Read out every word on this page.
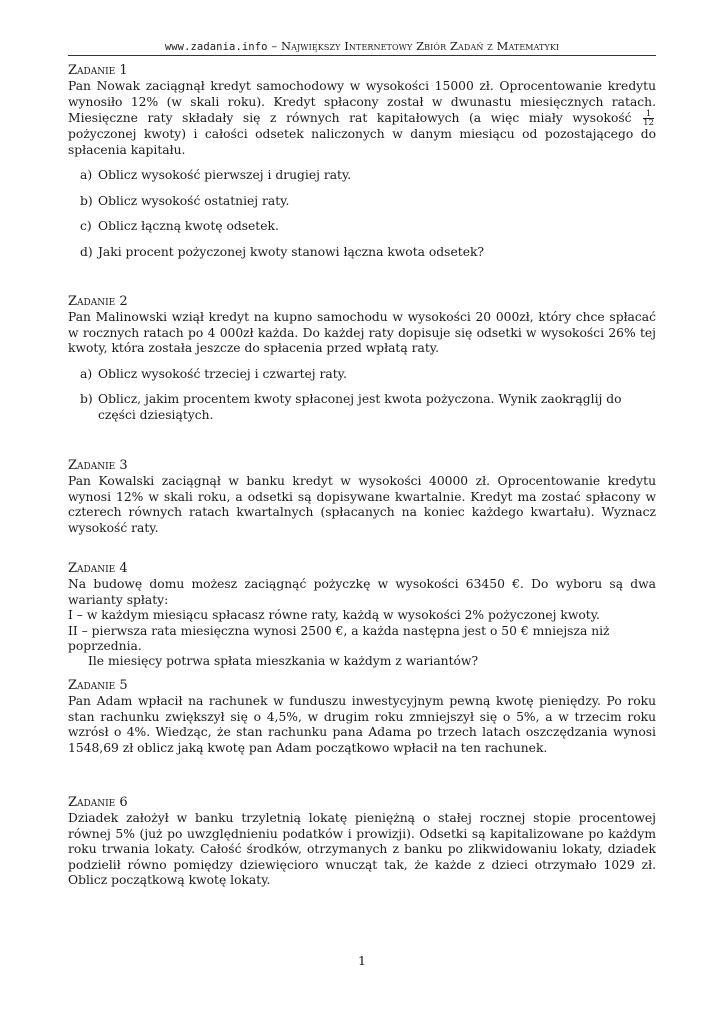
www.zadania.info – Największy Internetowy Zbiór Zadań z Matematyki
Zadanie 1
Pan Nowak zaciągnął kredyt samochodowy w wysokości 15000 zł. Oprocentowanie kredytu wynosiło 12% (w skali roku). Kredyt spłacony został w dwunastu miesięcznych ratach. Miesięczne raty składały się z równych rat kapitałowych (a więc miały wysokość $\frac{1}{12}$
pożyczonej kwoty) i całości odsetek naliczonych w danym miesiącu od pozostającego do spłacenia kapitału.
a) Oblicz wysokość pierwszej i drugiej raty.
b) Oblicz wysokość ostatniej raty.
c) Oblicz łączną kwotę odsetek.
d) Jaki procent pożyczonej kwoty stanowi łączna kwota odsetek?
Zadanie 2
Pan Malinowski wziął kredyt na kupno samochodu w wysokości 20 000zł, który chce spłacać w rocznych ratach po 4 000zł każda. Do każdej raty dopisuje się odsetki w wysokości 26% tej kwoty, która została jeszcze do spłacenia przed wpłatą raty.
a) Oblicz wysokość trzeciej i czwartej raty.
b) Oblicz, jakim procentem kwoty spłaconej jest kwota pożyczona. Wynik zaokrąglij do części dziesiątych.
Zadanie 3
Pan Kowalski zaciągnął w banku kredyt w wysokości 40000 zł. Oprocentowanie kredytu wynosi 12% w skali roku, a odsetki są dopisywane kwartalnie. Kredyt ma zostać spłacony w czterech równych ratach kwartalnych (spłacanych na koniec każdego kwartału). Wyznacz wysokość raty.
Zadanie 4
Na budowę domu możesz zaciągnąć pożyczkę w wysokości 63450 €. Do wyboru są dwa warianty spłaty:
I – w każdym miesiącu spłacasz równe raty, każdą w wysokości 2% pożyczonej kwoty.
II – pierwsza rata miesięczna wynosi 2500 €, a każda następna jest o 50 € mniejsza niż poprzednia.
Ile miesięcy potrwa spłata mieszkania w każdym z wariantów?
Zadanie 5
Pan Adam wpłacił na rachunek w funduszu inwestycyjnym pewną kwotę pieniędzy. Po roku stan rachunku zwiększył się o 4,5%, w drugim roku zmniejszył się o 5%, a w trzecim roku wzrósł o 4%. Wiedząc, że stan rachunku pana Adama po trzech latach oszczędzania wynosi 1548,69 zł oblicz jaką kwotę pan Adam początkowo wpłacił na ten rachunek.
Zadanie 6
Dziadek założył w banku trzyletnią lokatę pieniężną o stałej rocznej stopie procentowej równej 5% (już po uwzględnieniu podatków i prowizji). Odsetki są kapitalizowane po każdym roku trwania lokaty. Całość środków, otrzymanych z banku po zlikwidowaniu lokaty, dziadek podzielił równo pomiędzy dziewięcioro wnucząt tak, że każde z dzieci otrzymało 1029 zł. Oblicz początkową kwotę lokaty.
1
